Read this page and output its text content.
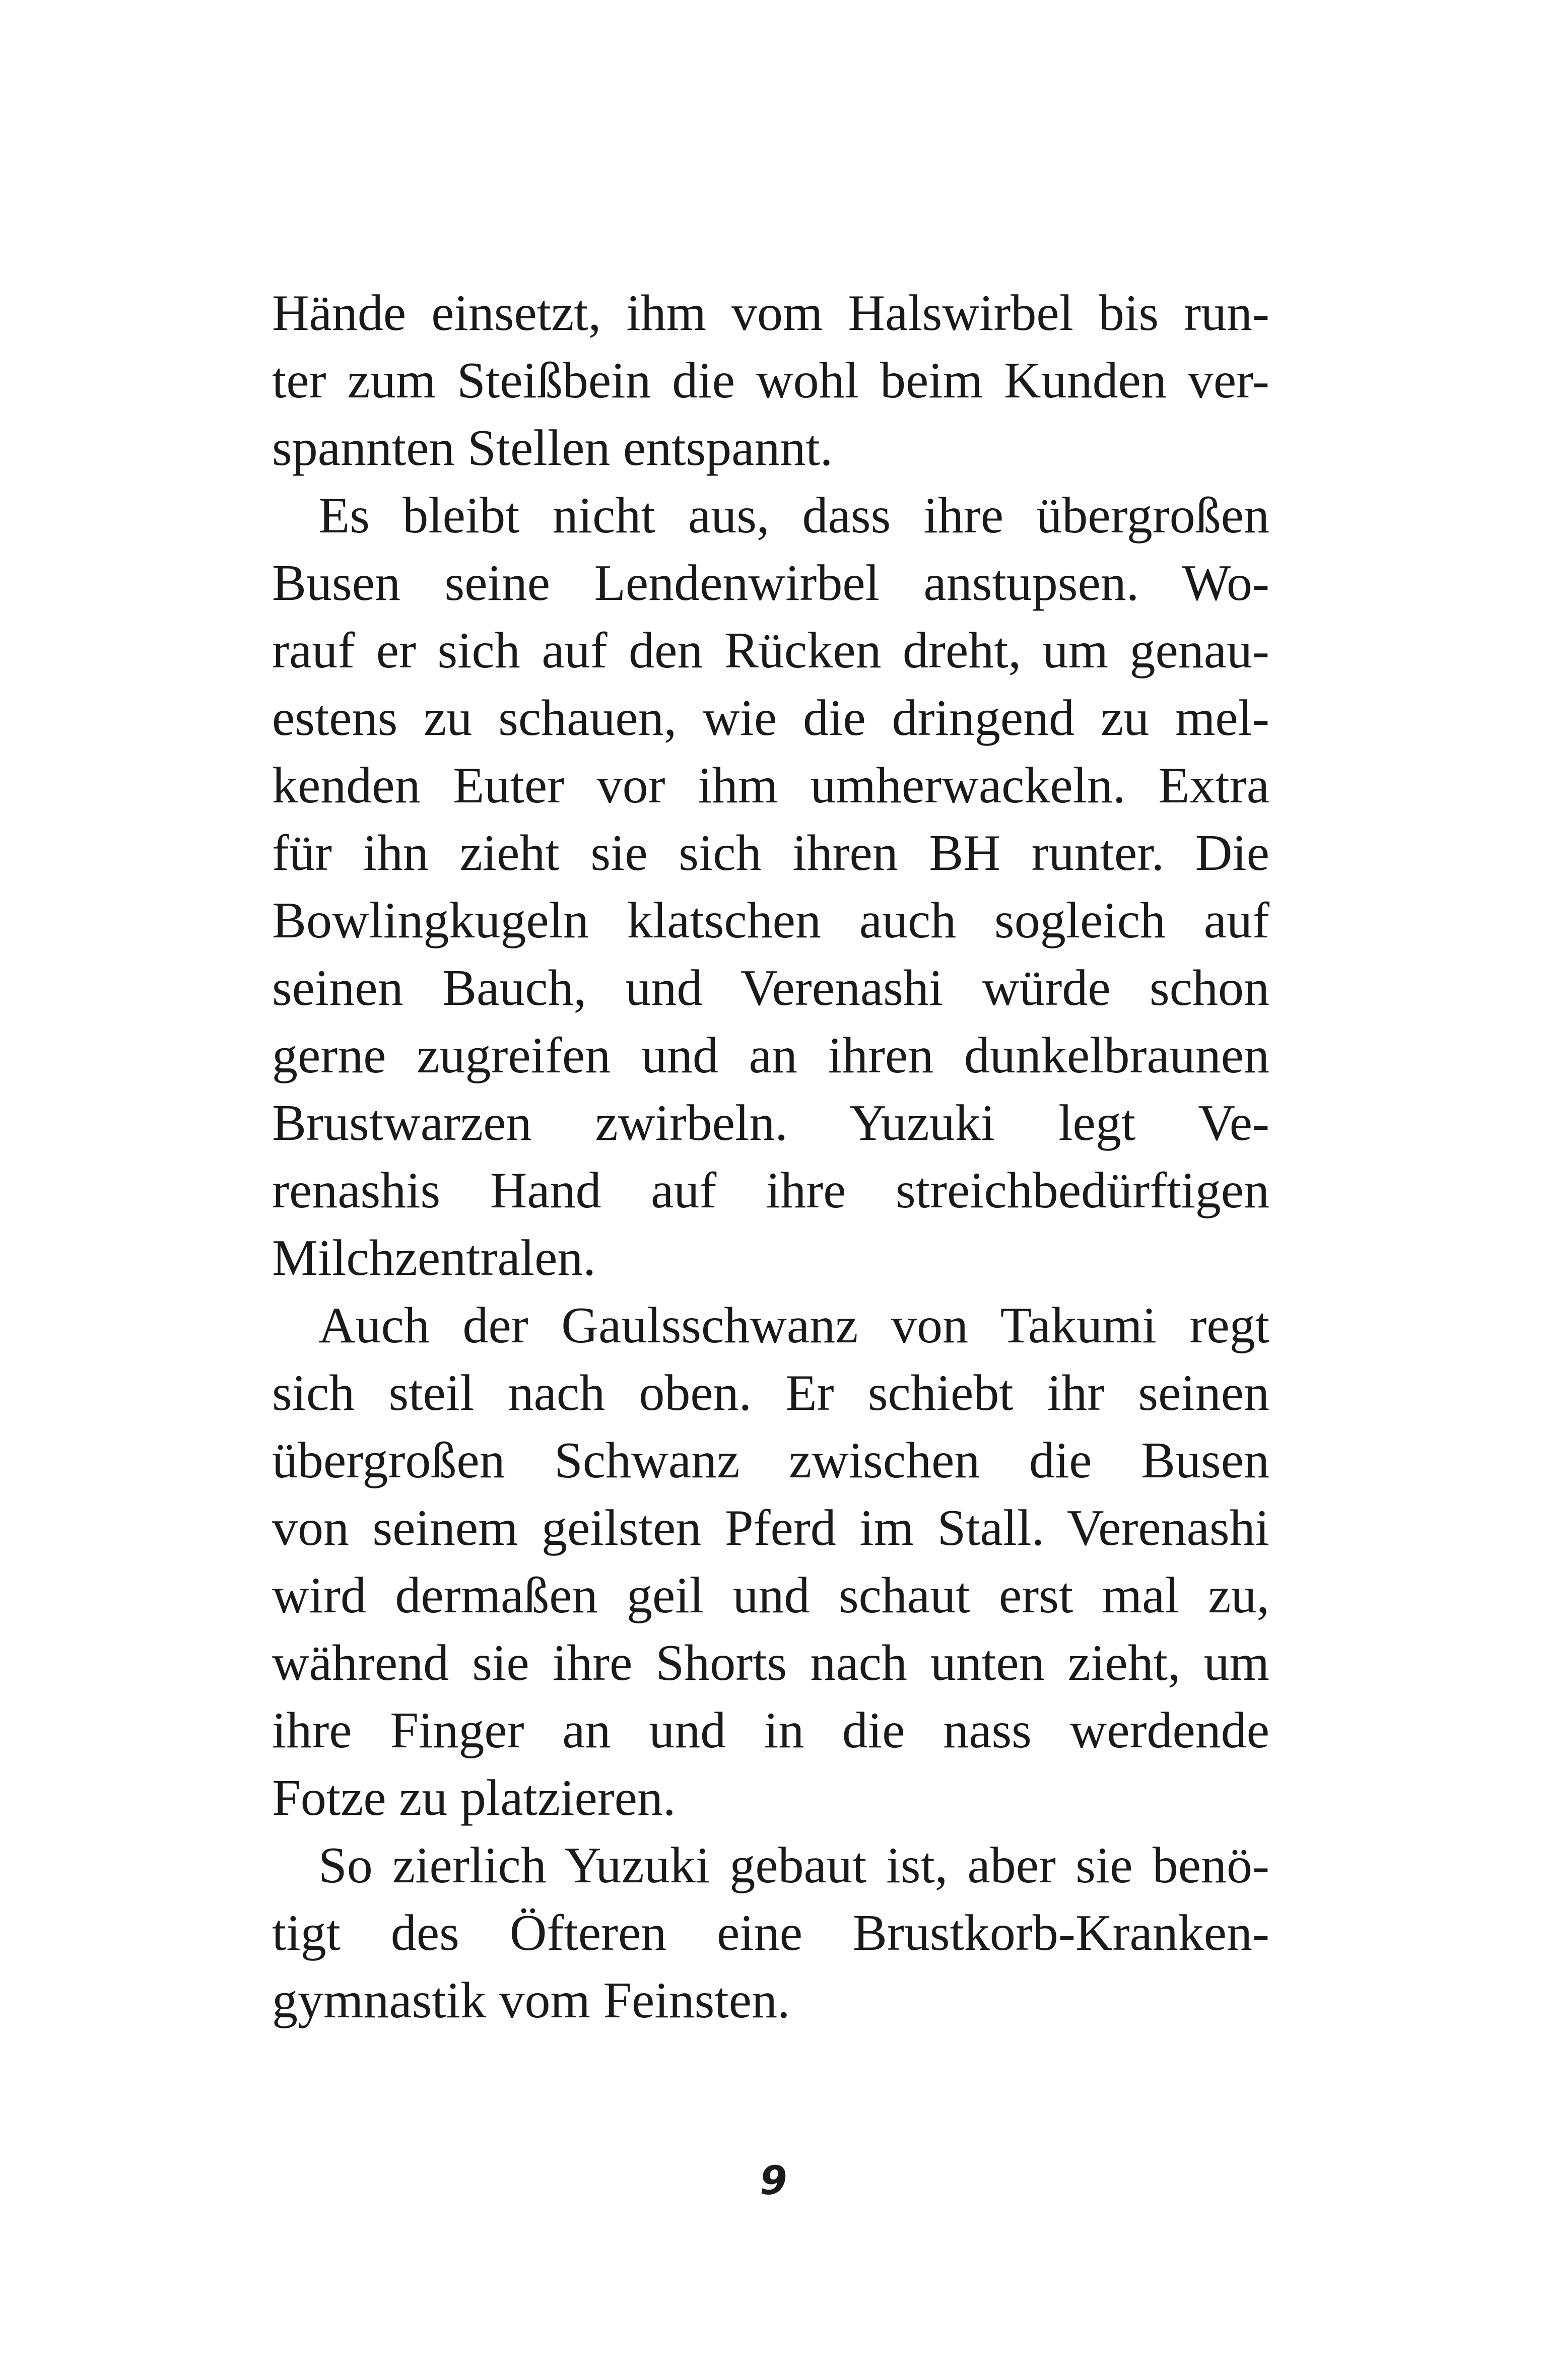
Hände einsetzt, ihm vom Halswirbel bis run-
ter zum Steißbein die wohl beim Kunden ver-
spannten Stellen entspannt.
Es bleibt nicht aus, dass ihre übergroßen
Busen seine Lendenwirbel anstupsen. Wo-
rauf er sich auf den Rücken dreht, um genau-
estens zu schauen, wie die dringend zu mel-
kenden Euter vor ihm umherwackeln. Extra
für ihn zieht sie sich ihren BH runter. Die
Bowlingkugeln klatschen auch sogleich auf
seinen Bauch, und Verenashi würde schon
gerne zugreifen und an ihren dunkelbraunen
Brustwarzen zwirbeln. Yuzuki legt Ve-
renashis Hand auf ihre streichbedürftigen
Milchzentralen.
Auch der Gaulsschwanz von Takumi regt
sich steil nach oben. Er schiebt ihr seinen
übergroßen Schwanz zwischen die Busen
von seinem geilsten Pferd im Stall. Verenashi
wird dermaßen geil und schaut erst mal zu,
während sie ihre Shorts nach unten zieht, um
ihre Finger an und in die nass werdende
Fotze zu platzieren.
So zierlich Yuzuki gebaut ist, aber sie benö-
tigt des Öfteren eine Brustkorb-Kranken-
gymnastik vom Feinsten.
9
